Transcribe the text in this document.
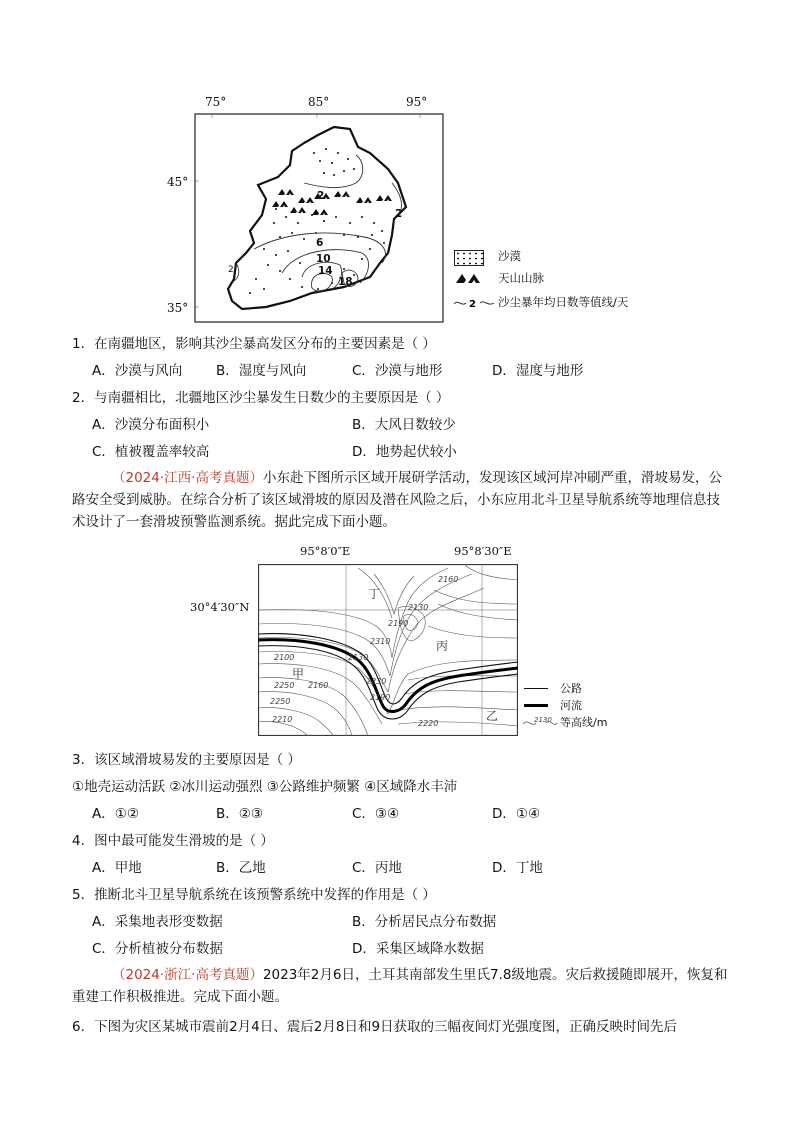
75°	85°	95°
45°
35°
2
2
6
10
14
18
2
沙漠
天山山脉
2 沙尘暴年均日数等值线/天
1．在南疆地区，影响其沙尘暴高发区分布的主要因素是（ ）
A．沙漠与风向	B．湿度与风向	C．沙漠与地形	D．湿度与地形
2．与南疆相比，北疆地区沙尘暴发生日数少的主要原因是（ ）
A．沙漠分布面积小	B．大风日数较少
C．植被覆盖率较高	D．地势起伏较小
（2024·江西·高考真题）小东赴下图所示区域开展研学活动，发现该区域河岸冲刷严重，滑坡易发，公路安全受到威胁。在综合分析了该区域滑坡的原因及潜在风险之后，小东应用北斗卫星导航系统等地理信息技术设计了一套滑坡预警监测系统。据此完成下面小题。
95°8′0″E	95°8′30″E
30°4′30″N
2160
2130
2190
2310
2100	2130
2230
2190
2250 2160
2250
2210	2220
丁
丙
甲
乙
公路
河流
2130 等高线/m
3．该区域滑坡易发的主要原因是（ ）
①地壳运动活跃 ②冰川运动强烈 ③公路维护频繁 ④区域降水丰沛
A．①②	B．②③	C．③④	D．①④
4．图中最可能发生滑坡的是（ ）
A．甲地	B．乙地	C．丙地	D．丁地
5．推断北斗卫星导航系统在该预警系统中发挥的作用是（ ）
A．采集地表形变数据	B．分析居民点分布数据
C．分析植被分布数据	D．采集区域降水数据
（2024·浙江·高考真题）2023年2月6日，土耳其南部发生里氏7.8级地震。灾后救援随即展开，恢复和重建工作积极推进。完成下面小题。
6．下图为灾区某城市震前2月4日、震后2月8日和9日获取的三幅夜间灯光强度图，正确反映时间先后
